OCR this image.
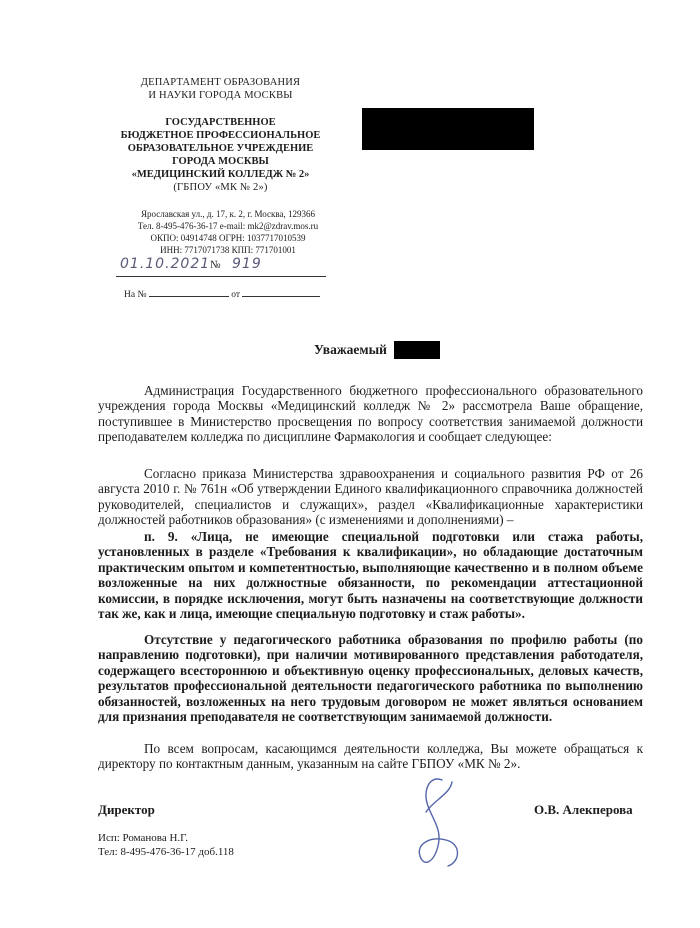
ДЕПАРТАМЕНТ ОБРАЗОВАНИЯ
И НАУКИ ГОРОДА МОСКВЫ
ГОСУДАРСТВЕННОЕ
БЮДЖЕТНОЕ ПРОФЕССИОНАЛЬНОЕ
ОБРАЗОВАТЕЛЬНОЕ УЧРЕЖДЕНИЕ
ГОРОДА МОСКВЫ
«МЕДИЦИНСКИЙ КОЛЛЕДЖ № 2»
(ГБПОУ «МК № 2»)
Ярославская ул., д. 17, к. 2, г. Москва, 129366
Тел. 8-495-476-36-17 e-mail: mk2@zdrav.mos.ru
ОКПО: 04914748 ОГРН: 1037717010539
ИНН: 7717071738 КПП: 771701001
01.10.2021 № 919
На №	от
Уважаемый
Администрация Государственного бюджетного профессионального образовательного учреждения города Москвы «Медицинский колледж № 2» рассмотрела Ваше обращение, поступившее в Министерство просвещения по вопросу соответствия занимаемой должности преподавателем колледжа по дисциплине Фармакология и сообщает следующее:
Согласно приказа Министерства здравоохранения и социального развития РФ от 26 августа 2010 г. № 761н «Об утверждении Единого квалификационного справочника должностей руководителей, специалистов и служащих», раздел «Квалификационные характеристики должностей работников образования» (с изменениями и дополнениями) –
п. 9. «Лица, не имеющие специальной подготовки или стажа работы, установленных в разделе «Требования к квалификации», но обладающие достаточным практическим опытом и компетентностью, выполняющие качественно и в полном объеме возложенные на них должностные обязанности, по рекомендации аттестационной комиссии, в порядке исключения, могут быть назначены на соответствующие должности так же, как и лица, имеющие специальную подготовку и стаж работы».
Отсутствие у педагогического работника образования по профилю работы (по направлению подготовки), при наличии мотивированного представления работодателя, содержащего всестороннюю и объективную оценку профессиональных, деловых качеств, результатов профессиональной деятельности педагогического работника по выполнению обязанностей, возложенных на него трудовым договором не может являться основанием для признания преподавателя не соответствующим занимаемой должности.
По всем вопросам, касающимся деятельности колледжа, Вы можете обращаться к директору по контактным данным, указанным на сайте ГБПОУ «МК № 2».
Директор	О.В. Алекперова
Исп: Романова Н.Г.
Тел: 8-495-476-36-17 доб.118
